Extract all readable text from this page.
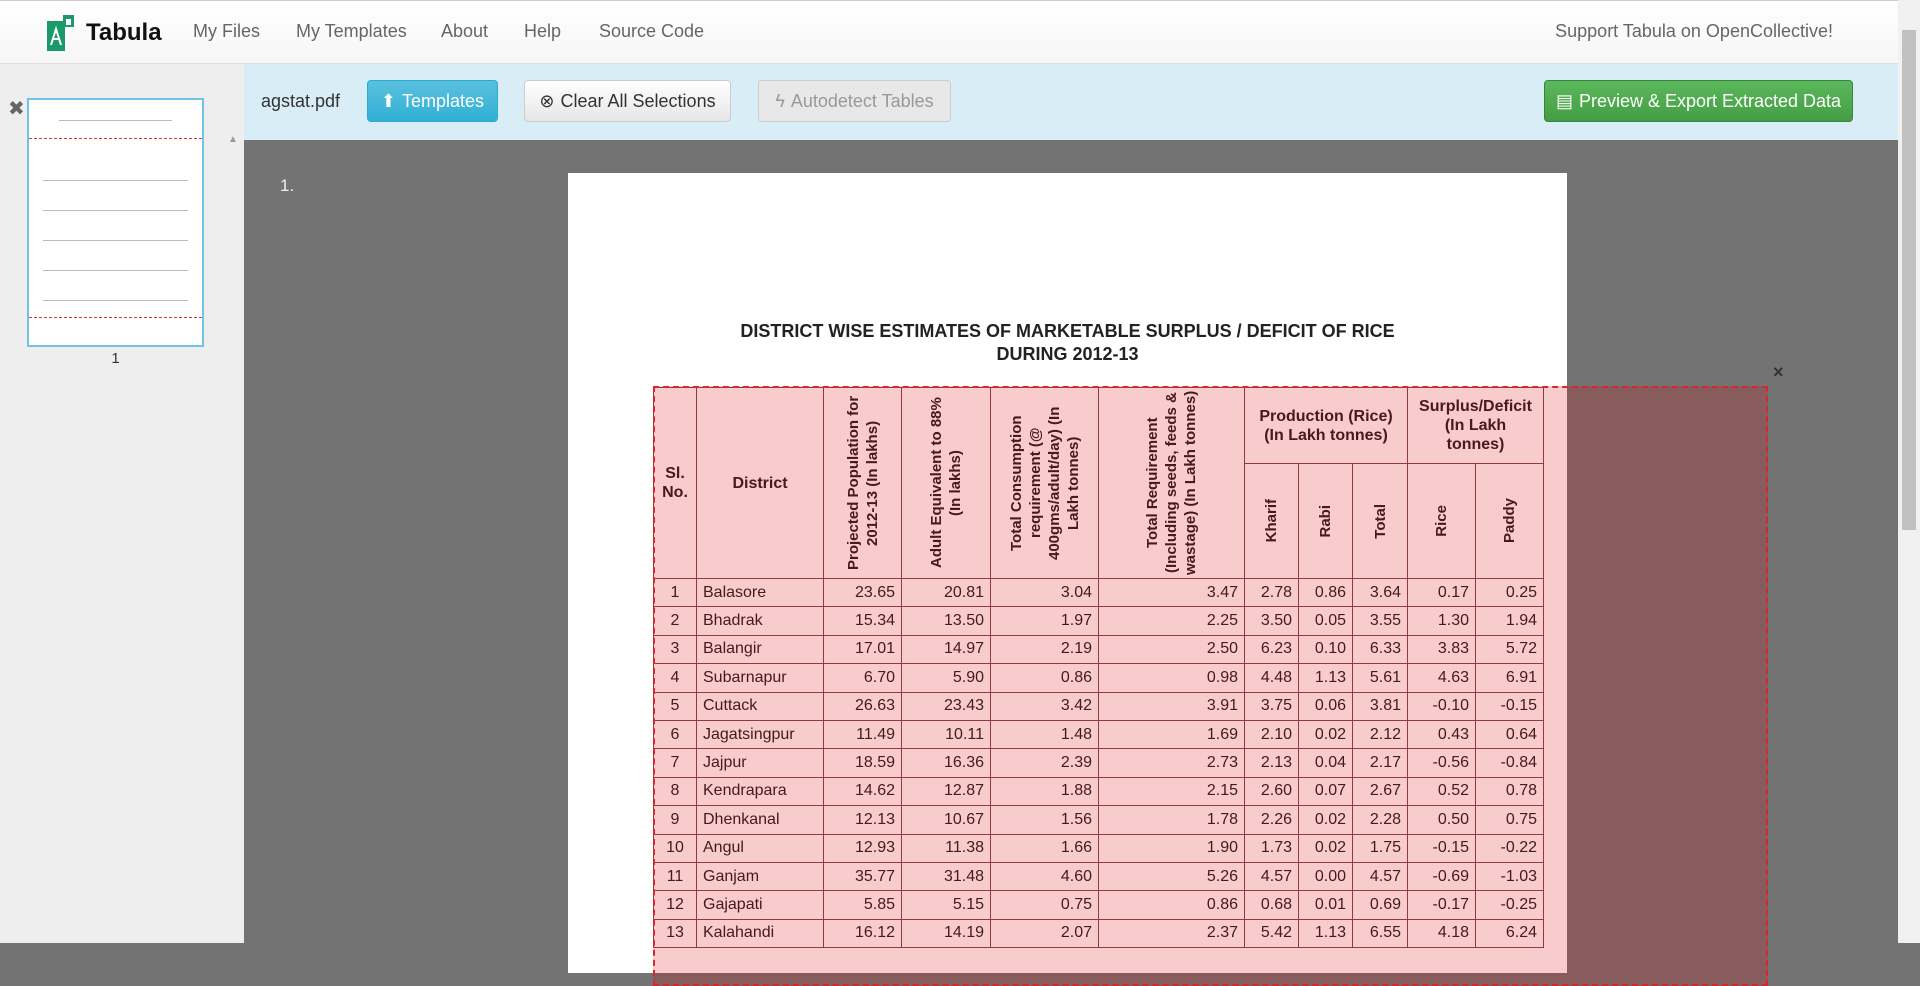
Tabula My Files My Templates About Help Source Code	Support Tabula on OpenCollective!
✖
▲
1
agstat.pdf ⬆ Templates	⊗ Clear All Selections	ϟ Autodetect Tables	▤ Preview & Export Extracted Data
1.
DISTRICT WISE ESTIMATES OF MARKETABLE SURPLUS / DEFICIT OF RICE
DURING 2012-13
Sl. No.	District	Projected Population for 2012-13 (In lakhs)	Adult Equivalent to 88% (In lakhs)	Total Consumption requirement (@ 400gms/adult/day) (In Lakh tonnes)	Total Requirement (Including seeds, feeds & wastage) (In Lakh tonnes)	Production (Rice) (In Lakh tonnes)			Surplus/Deficit (In Lakh tonnes)	

						Kharif	Rabi	Total	Rice	Paddy

1	Balasore	23.65	20.81	3.04	3.47	2.78	0.86	3.64	0.17	0.25
2	Bhadrak	15.34	13.50	1.97	2.25	3.50	0.05	3.55	1.30	1.94
3	Balangir	17.01	14.97	2.19	2.50	6.23	0.10	6.33	3.83	5.72
4	Subarnapur	6.70	5.90	0.86	0.98	4.48	1.13	5.61	4.63	6.91
5	Cuttack	26.63	23.43	3.42	3.91	3.75	0.06	3.81	-0.10	-0.15
6	Jagatsingpur	11.49	10.11	1.48	1.69	2.10	0.02	2.12	0.43	0.64
7	Jajpur	18.59	16.36	2.39	2.73	2.13	0.04	2.17	-0.56	-0.84
8	Kendrapara	14.62	12.87	1.88	2.15	2.60	0.07	2.67	0.52	0.78
9	Dhenkanal	12.13	10.67	1.56	1.78	2.26	0.02	2.28	0.50	0.75
10	Angul	12.93	11.38	1.66	1.90	1.73	0.02	1.75	-0.15	-0.22
11	Ganjam	35.77	31.48	4.60	5.26	4.57	0.00	4.57	-0.69	-1.03
12	Gajapati	5.85	5.15	0.75	0.86	0.68	0.01	0.69	-0.17	-0.25
13	Kalahandi	16.12	14.19	2.07	2.37	5.42	1.13	6.55	4.18	6.24
×
